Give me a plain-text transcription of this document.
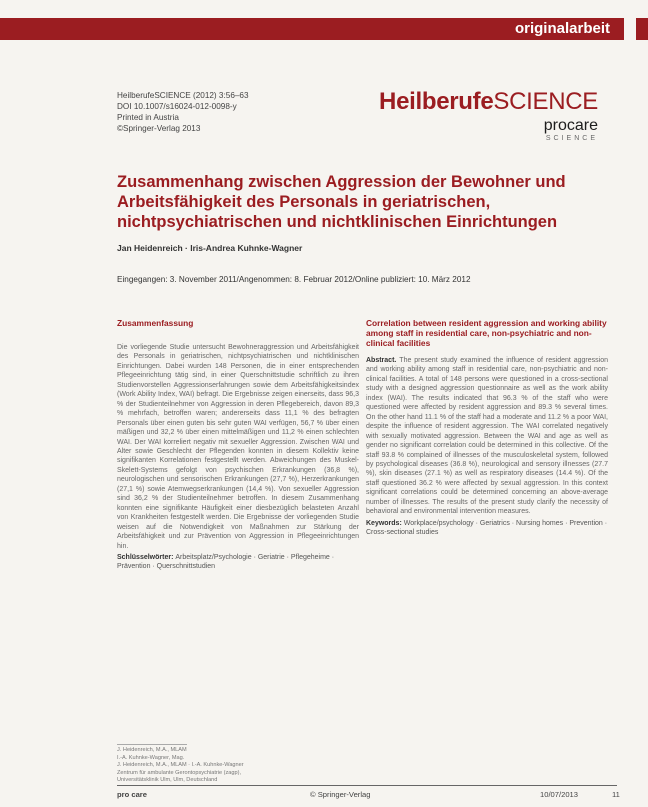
originalarbeit
HeilberufeSCIENCE (2012) 3:56–63
DOI 10.1007/s16024-012-0098-y
Printed in Austria
©Springer-Verlag 2013
HeilberufeSCIENCE
procare
SCIENCE
Zusammenhang zwischen Aggression der Bewohner und Arbeitsfähigkeit des Personals in geriatrischen, nichtpsychiatrischen und nichtklinischen Einrichtungen
Jan Heidenreich · Iris-Andrea Kuhnke-Wagner
Eingegangen: 3. November 2011/Angenommen: 8. Februar 2012/Online publiziert: 10. März 2012
Zusammenfassung

Die vorliegende Studie untersucht Bewohneraggression und Arbeitsfähigkeit des Personals in geriatrischen, nichtpsychiatrischen und nichtklinischen Einrichtungen. Dabei wurden 148 Personen, die in einer entsprechenden Pflegeeinrichtung tätig sind, in einer Querschnittstudie schriftlich zu ihren Studienvorstellen Aggressionserfahrungen sowie dem Arbeitsfähigkeitsindex (Work Ability Index, WAI) befragt. Die Ergebnisse zeigen einerseits, dass 96,3 % der Studienteilnehmer von Aggression in deren Pflegebereich, davon 89,3 % mehrfach, betroffen waren; andererseits dass 11,1 % des befragten Personals über einen guten bis sehr guten WAI verfügen, 56,7 % über einen mäßigen und 32,2 % über einen mittelmäßigen und 11,2 % einen schlechten WAI. Der WAI korreliert negativ mit sexueller Aggression. Zwischen WAI und Alter sowie Geschlecht der Pflegenden konnten in diesem Kollektiv keine signifikanten Korrelationen festgestellt werden. Abweichungen des Muskel-Skelett-Systems gefolgt von psychischen Erkrankungen (36,8 %), neurologischen und sensorischen Erkrankungen (27,7 %), Herzerkrankungen (27,1 %) sowie Atemwegserkrankungen (14,4 %). Von sexueller Aggression sind 36,2 % der Studienteilnehmer betroffen. In diesem Zusammenhang konnten eine signifikante Häufigkeit einer diesbezüglich belasteten Anzahl von Krankheiten festgestellt werden. Die Ergebnisse der vorliegenden Studie weisen auf die Notwendigkeit von Maßnahmen zur Stärkung der Arbeitsfähigkeit und zur Prävention von Aggression in Pflegeeinrichtungen hin.

Schlüsselwörter: Arbeitsplatz/Psychologie · Geriatrie · Pflegeheime · Prävention · Querschnittstudien
Correlation between resident aggression and working ability among staff in residential care, non-psychiatric and non-clinical facilities

Abstract. The present study examined the influence of resident aggression and working ability among staff in residential care, non-psychiatric and non-clinical facilities. A total of 148 persons were questioned in a cross-sectional study with a designed aggression questionnaire as well as the work ability index (WAI). The results indicated that 96.3 % of the staff who were questioned were affected by resident aggression and 89.3 % several times. On the other hand 11.1 % of the staff had a moderate and 11.2 % a poor WAI, despite the influence of resident aggression. The WAI correlated negatively with sexually motivated aggression. Between the WAI and age as well as gender no significant correlation could be determined in this collective. Of the staff 93.8 % complained of illnesses of the musculoskeletal system, followed by psychological diseases (36.8 %), neurological and sensory illnesses (27.7 %), skin diseases (27.1 %) as well as respiratory diseases (14.4 %). Of the staff questioned 36.2 % were affected by sexual aggression. In this context significant correlations could be determined concerning an above-average number of illnesses. The results of the present study clarify the necessity of behavioral and environmental intervention measures.

Keywords: Workplace/psychology · Geriatrics · Nursing homes · Prevention · Cross-sectional studies
J. Heidenreich, M.A., MLAM
I.-A. Kuhnke-Wagner, Mag.
J. Heidenreich, M.A., MLAM · I.-A. Kuhnke-Wagner
Zentrum für ambulante Gerontopsychiatrie (zagp),
Universitätsklinik Ulm, Ulm, Deutschland
pro care	© Springer-Verlag	10/07/2013	11
